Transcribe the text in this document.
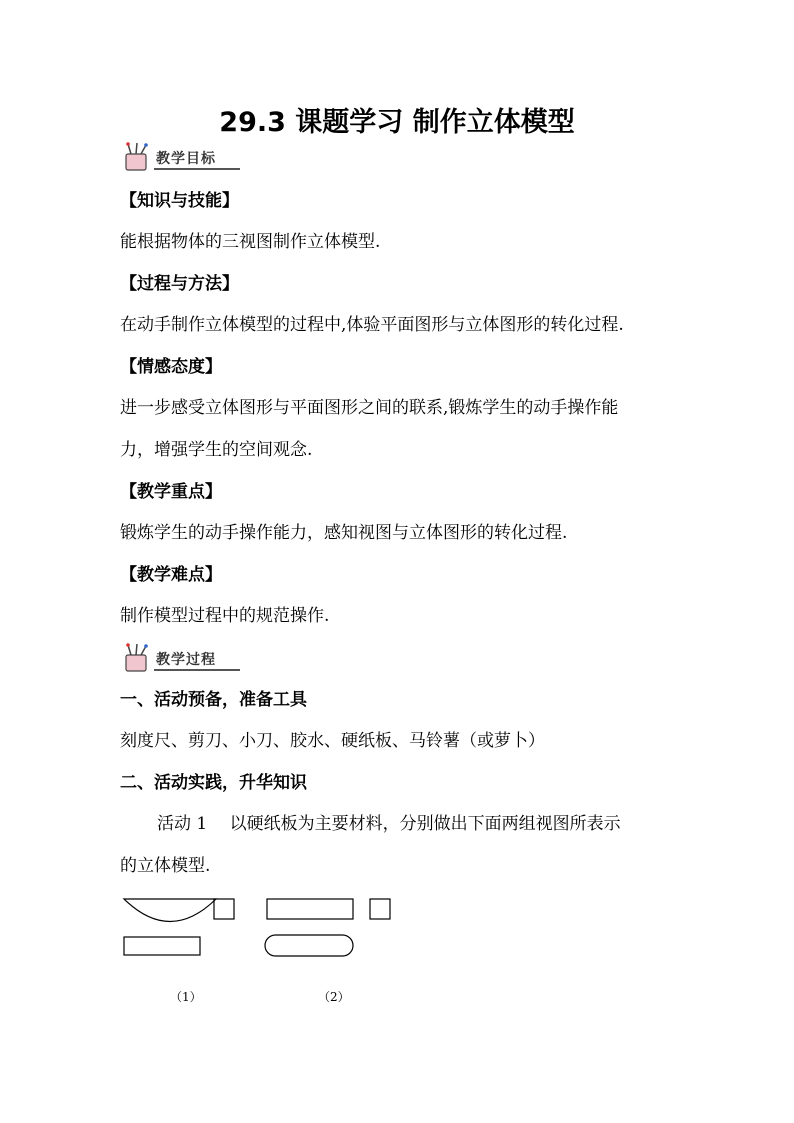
29.3 课题学习 制作立体模型
教学目标
【知识与技能】
能根据物体的三视图制作立体模型.
【过程与方法】
在动手制作立体模型的过程中,体验平面图形与立体图形的转化过程.
【情感态度】
进一步感受立体图形与平面图形之间的联系,锻炼学生的动手操作能
力，增强学生的空间观念.
【教学重点】
锻炼学生的动手操作能力，感知视图与立体图形的转化过程.
【教学难点】
制作模型过程中的规范操作.
教学过程
一、活动预备，准备工具
刻度尺、剪刀、小刀、胶水、硬纸板、马铃薯（或萝卜）
二、活动实践，升华知识
活动 1　 以硬纸板为主要材料，分别做出下面两组视图所表示
的立体模型.
（1）	（2）
